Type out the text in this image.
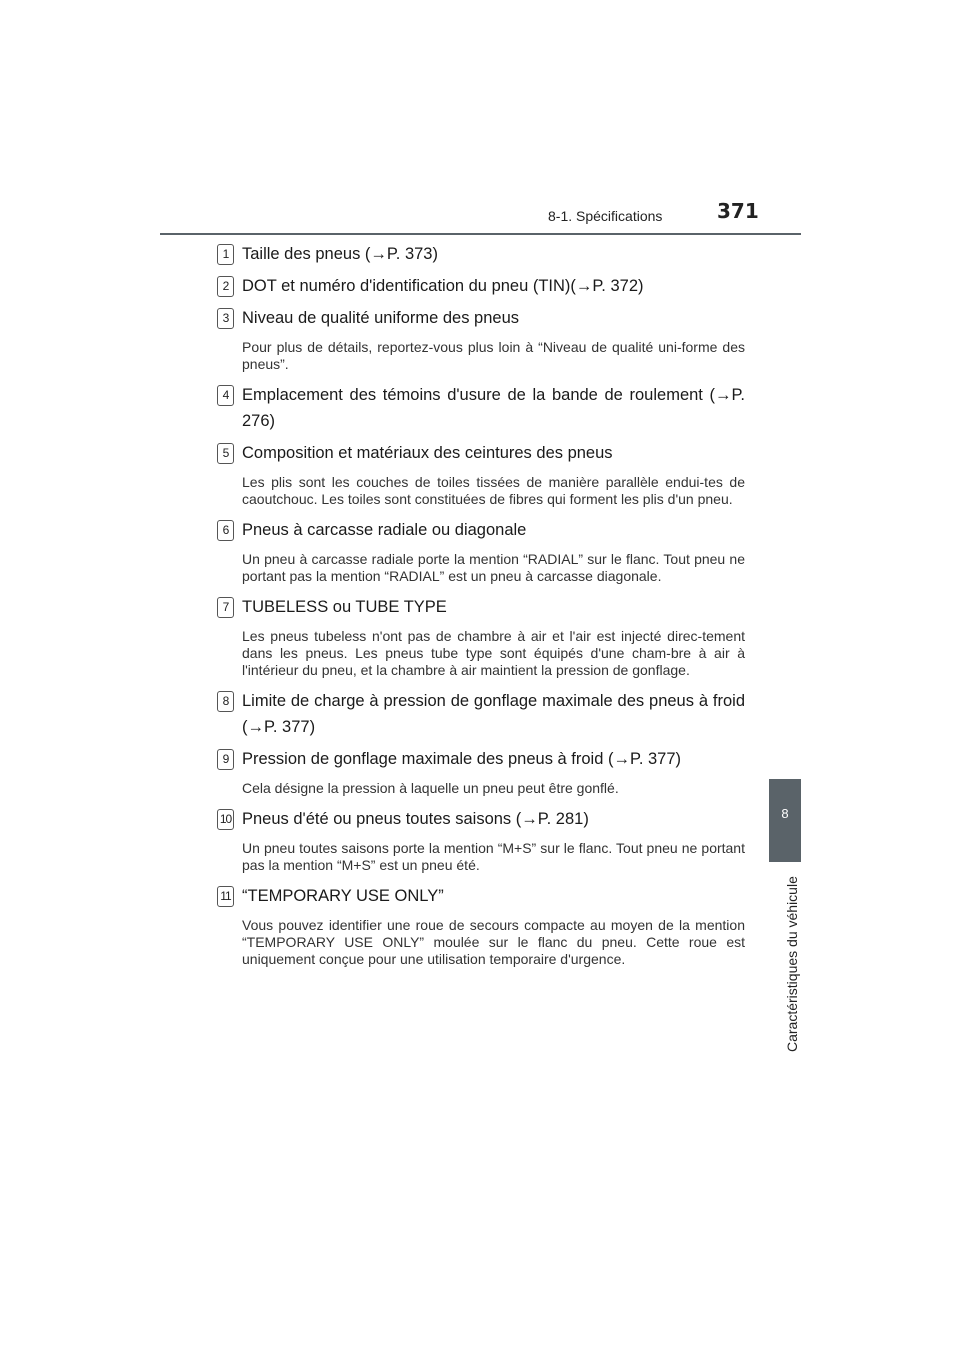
8-1. Spécifications	371
8
Caractéristiques du véhicule
1 Taille des pneus (→P. 373)
2 DOT et numéro d'identification du pneu (TIN)(→P. 372)
3 Niveau de qualité uniforme des pneus
Pour plus de détails, reportez-vous plus loin à “Niveau de qualité uni-forme des pneus”.
4 Emplacement des témoins d'usure de la bande de roulement (→P. 276)
5 Composition et matériaux des ceintures des pneus
Les plis sont les couches de toiles tissées de manière parallèle endui-tes de caoutchouc. Les toiles sont constituées de fibres qui forment les plis d'un pneu.
6 Pneus à carcasse radiale ou diagonale
Un pneu à carcasse radiale porte la mention “RADIAL” sur le flanc. Tout pneu ne portant pas la mention “RADIAL” est un pneu à carcasse diagonale.
7 TUBELESS ou TUBE TYPE
Les pneus tubeless n'ont pas de chambre à air et l'air est injecté direc-tement dans les pneus. Les pneus tube type sont équipés d'une cham-bre à air à l'intérieur du pneu, et la chambre à air maintient la pression de gonflage.
8 Limite de charge à pression de gonflage maximale des pneus à froid (→P. 377)
9 Pression de gonflage maximale des pneus à froid (→P. 377)
Cela désigne la pression à laquelle un pneu peut être gonflé.
10 Pneus d'été ou pneus toutes saisons (→P. 281)
Un pneu toutes saisons porte la mention “M+S” sur le flanc. Tout pneu ne portant pas la mention “M+S” est un pneu été.
11 “TEMPORARY USE ONLY”
Vous pouvez identifier une roue de secours compacte au moyen de la mention “TEMPORARY USE ONLY” moulée sur le flanc du pneu. Cette roue est uniquement conçue pour une utilisation temporaire d'urgence.
